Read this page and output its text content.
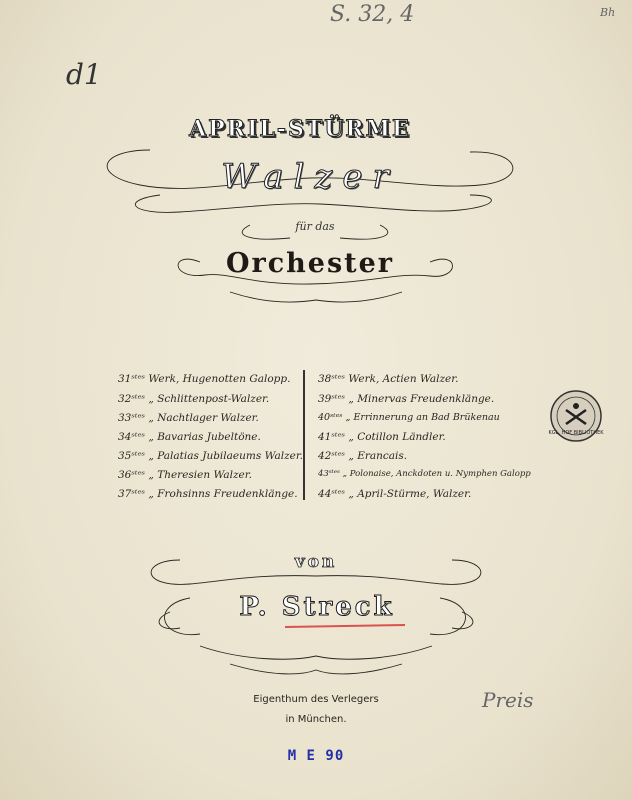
S. 32, 4	Bh
d1
Preis
APRIL-STÜRME
Walzer
für das
Orchester
31ˢᵗᵉˢ Werk, Hugenotten Galopp.
32ˢᵗᵉˢ „ Schlittenpost-Walzer.
33ˢᵗᵉˢ „ Nachtlager Walzer.
34ˢᵗᵉˢ „ Bavarias Jubeltöne.
35ˢᵗᵉˢ „ Palatias Jubilaeums Walzer.
36ˢᵗᵉˢ „ Theresien Walzer.
37ˢᵗᵉˢ „ Frohsinns Freudenklänge.
38ˢᵗᵉˢ Werk, Actien Walzer.
39ˢᵗᵉˢ „ Minervas Freudenklänge.
40ˢᵗᵉˢ „ Errinnerung an Bad Brükenau
41ˢᵗᵉˢ „ Cotillon Ländler.
42ˢᵗᵉˢ „ Erancais.
43ˢᵗᵉˢ „ Polonaise, Anckdoten u. Nymphen Galopp
44ˢᵗᵉˢ „ April-Stürme, Walzer.
KGL. HOF BIBLIOTHEK
von
P. Streck
Eigenthum des Verlegers
in München.
M E 90
